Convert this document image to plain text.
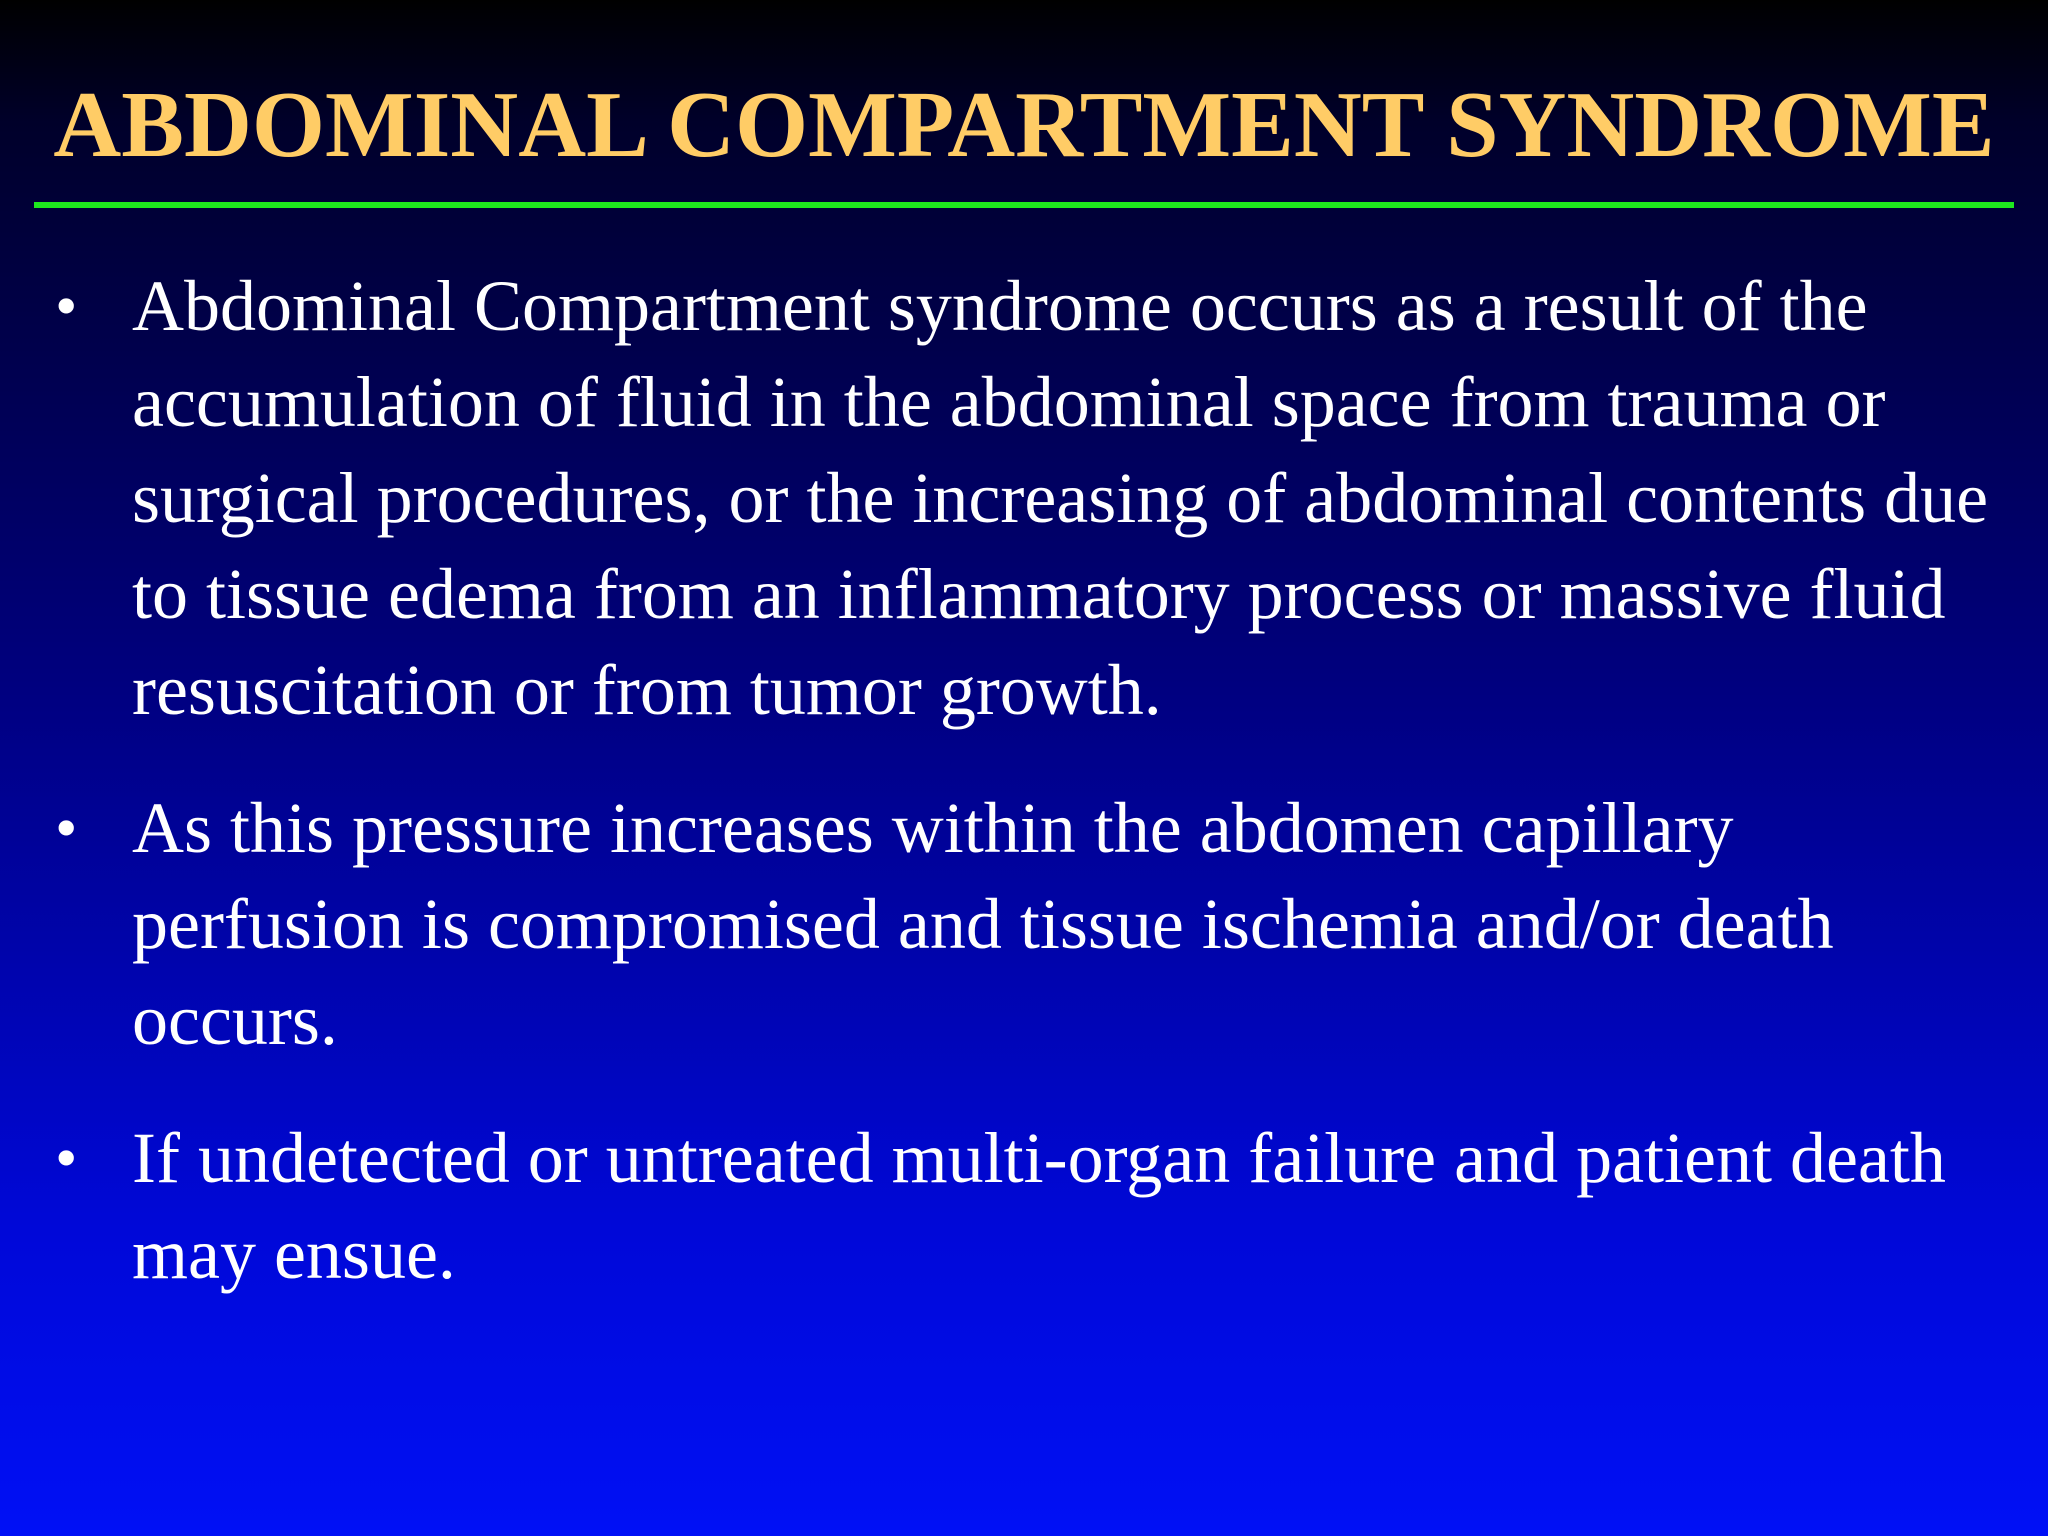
ABDOMINAL COMPARTMENT SYNDROME
• Abdominal Compartment syndrome occurs as a result of the accumulation of fluid in the abdominal space from trauma or surgical procedures, or the increasing of abdominal contents due to tissue edema from an inflammatory process or massive fluid resuscitation or from tumor growth.
• As this pressure increases within the abdomen capillary perfusion is compromised and tissue ischemia and/or death occurs.
• If undetected or untreated multi-organ failure and patient death may ensue.
